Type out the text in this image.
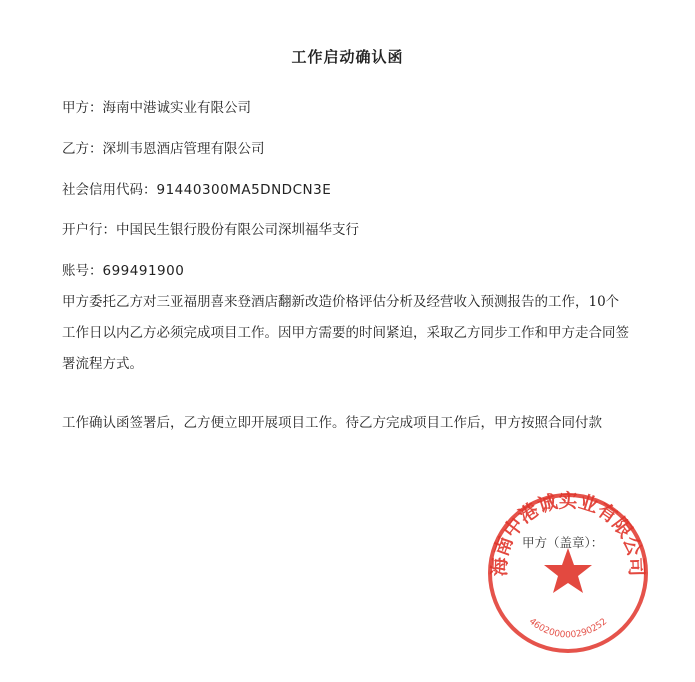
工作启动确认函
甲方：海南中港诚实业有限公司
乙方：深圳韦恩酒店管理有限公司
社会信用代码：91440300MA5DNDCN3E
开户行：中国民生银行股份有限公司深圳福华支行
账号：699491900
甲方委托乙方对三亚福朋喜来登酒店翻新改造价格评估分析及经营收入预测报告的工作，10个工作日以内乙方必须完成项目工作。因甲方需要的时间紧迫，采取乙方同步工作和甲方走合同签署流程方式。
工作确认函签署后，乙方便立即开展项目工作。待乙方完成项目工作后，甲方按照合同付款
海南中港诚实业有限公司
460200000290252
甲方（盖章）：
